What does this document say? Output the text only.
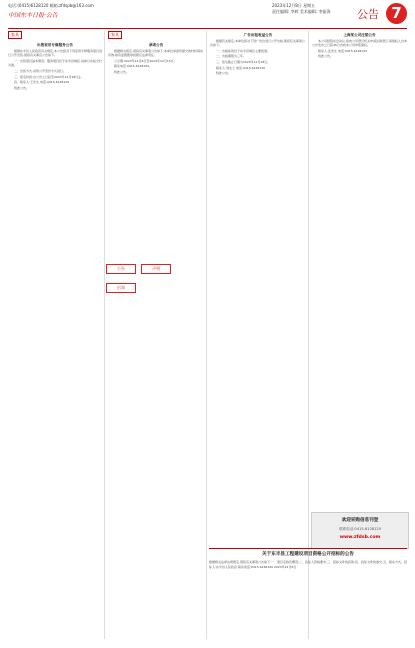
电话:(0415)6128120 邮箱:zfdspb@163.com
中国东丰日报·公告
2023年12月8日 星期五
责任编辑: 李辉 美术编辑: 李振海 公告 7
家具
出售家用专修服务公告

根据东丰县人民政府有关规定,本公告拟对下列家用专修服务项目进行公开出售,现将有关事宜公告如下。

一、出售项目基本情况。服务项目位于东丰县城区,具体以实际交付为准。

二、出售方式:采用公开竞价方式进行。

三、报名时间:自公告之日起至2023年12月18日止。

四、联系人:王先生 电话:0415-6128120

特此公告。

家具
承诺公告

根据相关规定,现将有关事项公告如下:本单位承诺所提交的材料真实有效,如有虚假愿承担相应法律责任。

公示期:2023年12月8日至2023年12月15日。

联系电话:0415-6128120。

特此公告。

广告出租收益公告

根据有关规定,本单位拟对下列广告位进行公开出租,现将有关事项公告如下。

一、出租标的位于东丰县城区主要街道。

二、出租期限为三年。

三、报名截止日期为2023年12月18日。

联系人:刘女士 电话:0415-6128120

特此公告。

上海某公司注销公告

本公司经股东会决议,拟向公司登记机关申请注销登记,请债权人自本公告发布之日起45日内向本公司申报债权。

联系人:张先生 电话:0415-6128120

特此公告。

公告	声明 启事
欢迎采购信息刊登
联系电话:0415-6128120
www.zfdsb.com
关于东丰县工程建设项目资格公开招标的公告
根据相关法律法规规定,现将有关事项公告如下:一、项目名称及概况;二、投标人资格要求;三、招标文件的获取;四、投标文件的递交;五、联系方式。招标人:东丰县人民政府 联系电话:0415-6128120 2023年12月8日
